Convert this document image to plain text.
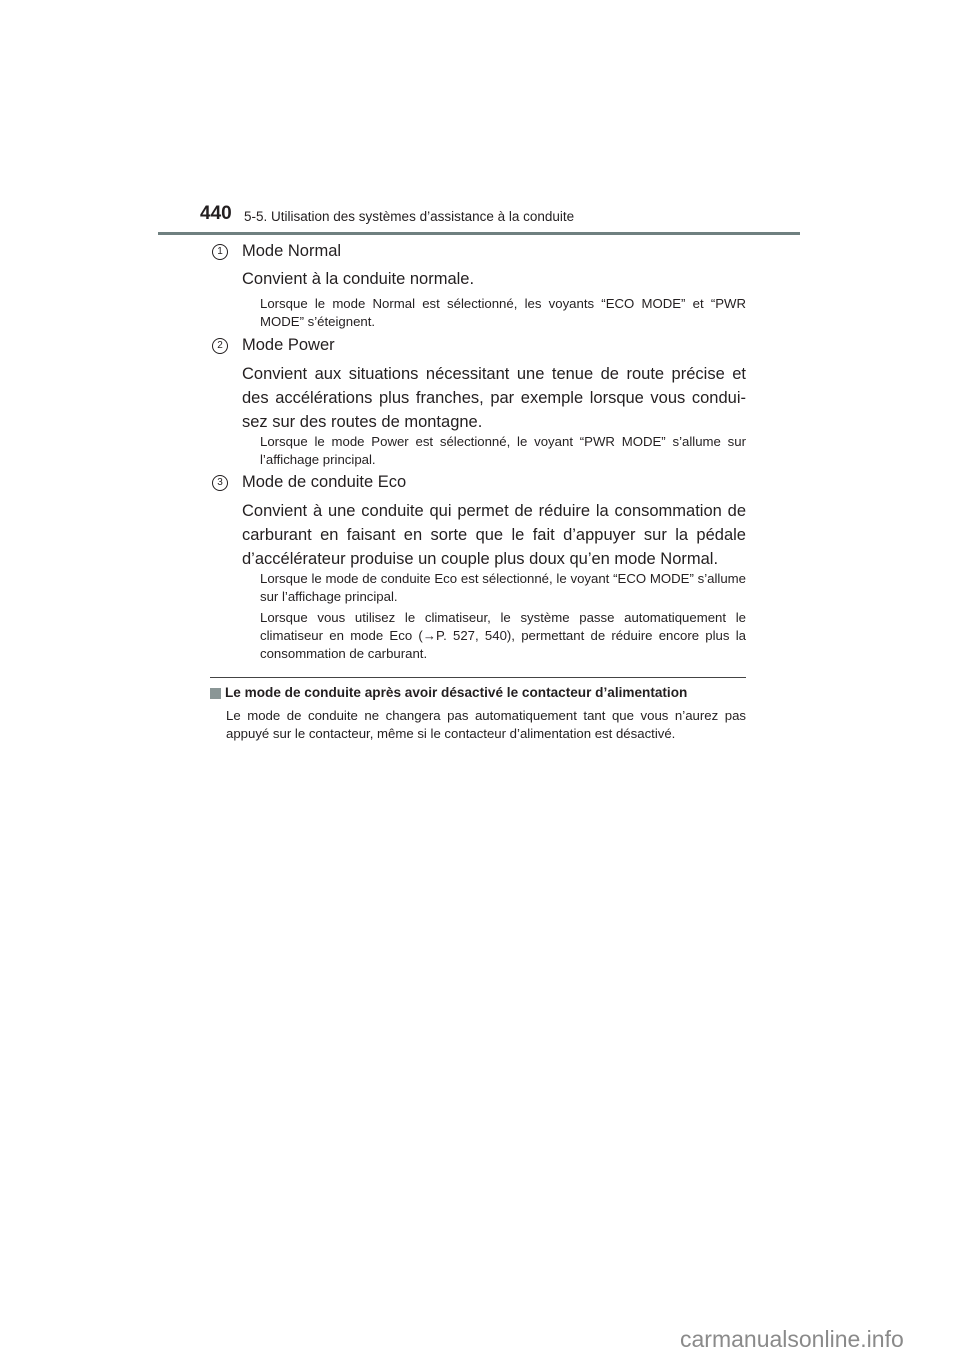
440 5-5. Utilisation des systèmes d’assistance à la conduite
1	Mode Normal
Convient à la conduite normale.
Lorsque le mode Normal est sélectionné, les voyants “ECO MODE” et “PWR MODE” s’éteignent.
2	Mode Power
Convient aux situations nécessitant une tenue de route précise et des accélérations plus franches, par exemple lorsque vous condui-sez sur des routes de montagne.
Lorsque le mode Power est sélectionné, le voyant “PWR MODE” s’allume sur l’affichage principal.
3	Mode de conduite Eco
Convient à une conduite qui permet de réduire la consommation de carburant en faisant en sorte que le fait d’appuyer sur la pédale d’accélérateur produise un couple plus doux qu’en mode Normal.
Lorsque le mode de conduite Eco est sélectionné, le voyant “ECO MODE” s’allume sur l’affichage principal.
Lorsque vous utilisez le climatiseur, le système passe automatiquement le climatiseur en mode Eco (→P. 527, 540), permettant de réduire encore plus la consommation de carburant.
Le mode de conduite après avoir désactivé le contacteur d’alimentation
Le mode de conduite ne changera pas automatiquement tant que vous n’aurez pas appuyé sur le contacteur, même si le contacteur d’alimentation est désactivé.
carmanualsonline.info
